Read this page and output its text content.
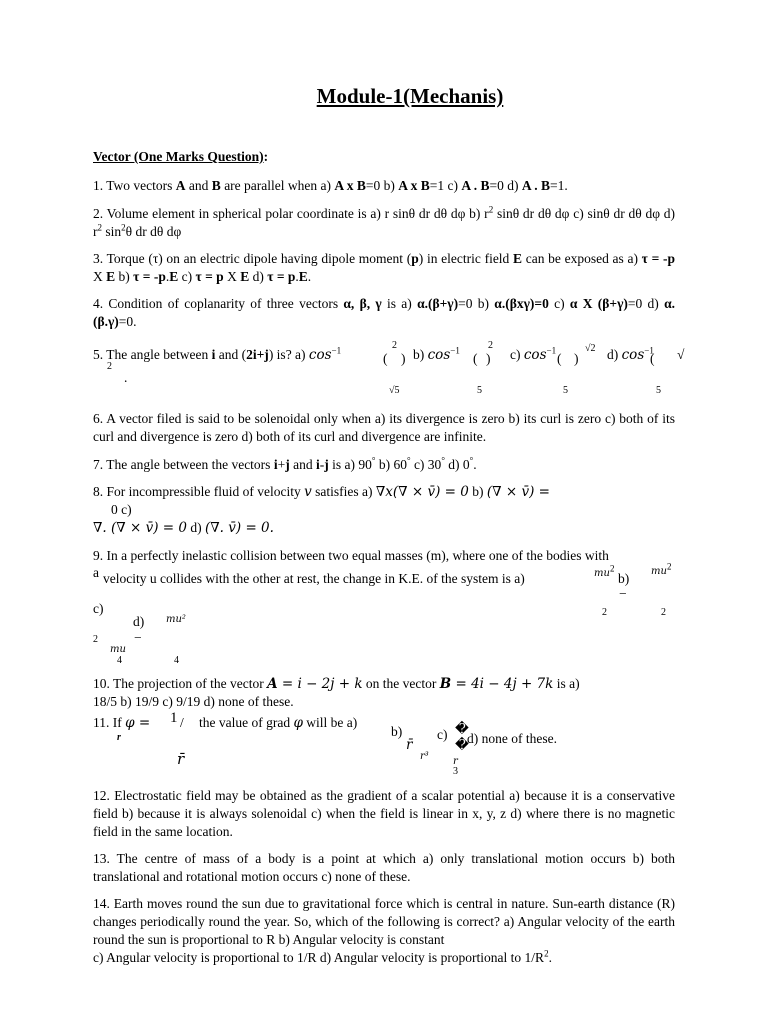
Module-1(Mechanis)
Vector (One Marks Question):
1. Two vectors A and B are parallel when a) A x B=0 b) A x B=1 c) A . B=0 d) A . B=1.
2. Volume element in spherical polar coordinate is a) r sinθ dr dθ dφ b) $r^2$ sinθ dr dθ dφ c) sinθ dr dθ dφ d) $r^2$ $\sin^2\theta$ dr dθ dφ
3. Torque (τ) on an electric dipole having dipole moment (p) in electric field E can be exposed as a) τ = -p X E b) τ = -p.E c) τ = p X E d) τ = p.E.
4. Condition of coplanarity of three vectors α, β, γ is a) α.(β+γ)=0 b) α.(βxγ)=0 c) α X (β+γ)=0 d) α.(β.γ)=0.
5. The angle between i and (2i+j) is? a) $\cos^{-1}$	2
( ) b) $\cos^{-1}$	2
( ) c) $\cos^{-1}$	√2
( ) d) $\cos^{-1}$
( √
2
.
√5	5	5	5
6. A vector filed is said to be solenoidal only when a) its divergence is zero b) its curl is zero c) both of its curl and divergence is zero d) both of its curl and divergence are infinite.
7. The angle between the vectors i+j and i-j is a) 90° b) 60° c) 30° d) 0°.
8. For incompressible fluid of velocity v satisfies a) ∇x(∇ × v̄) = 0 b) (∇ × v̄) =
0 c)
∇. (∇ × v̄) = 0 d) (∇. v̄) = 0.
9. In a perfectly inelastic collision between two equal masses (m), where one of the bodies with
a velocity u collides with the other at rest, the change in K.E. of the system is a)	$mu^2$
b)
−
$mu^2$
2	2
c)
d) mu²
−
2
mu
4	4
10. The projection of the vector A = i − 2j + k on the vector B = 4i − 4j + 7k is a)
18/5 b) 19/9 c) 9/19 d) none of these.
11. If φ = 1 / the value of grad φ will be a)
r
r̄
b)
r̄
r³
c) �
�
d) none of these.
r
3
12. Electrostatic field may be obtained as the gradient of a scalar potential a) because it is a conservative field b) because it is always solenoidal c) when the field is linear in x, y, z d) where there is no magnetic field in the same location.
13. The centre of mass of a body is a point at which a) only translational motion occurs b) both translational and rotational motion occurs c) none of these.
14. Earth moves round the sun due to gravitational force which is central in nature. Sun-earth distance (R) changes periodically round the year. So, which of the following is correct? a) Angular velocity of the earth round the sun is proportional to R b) Angular velocity is constant
c) Angular velocity is proportional to 1/R d) Angular velocity is proportional to $1/R^2$.
